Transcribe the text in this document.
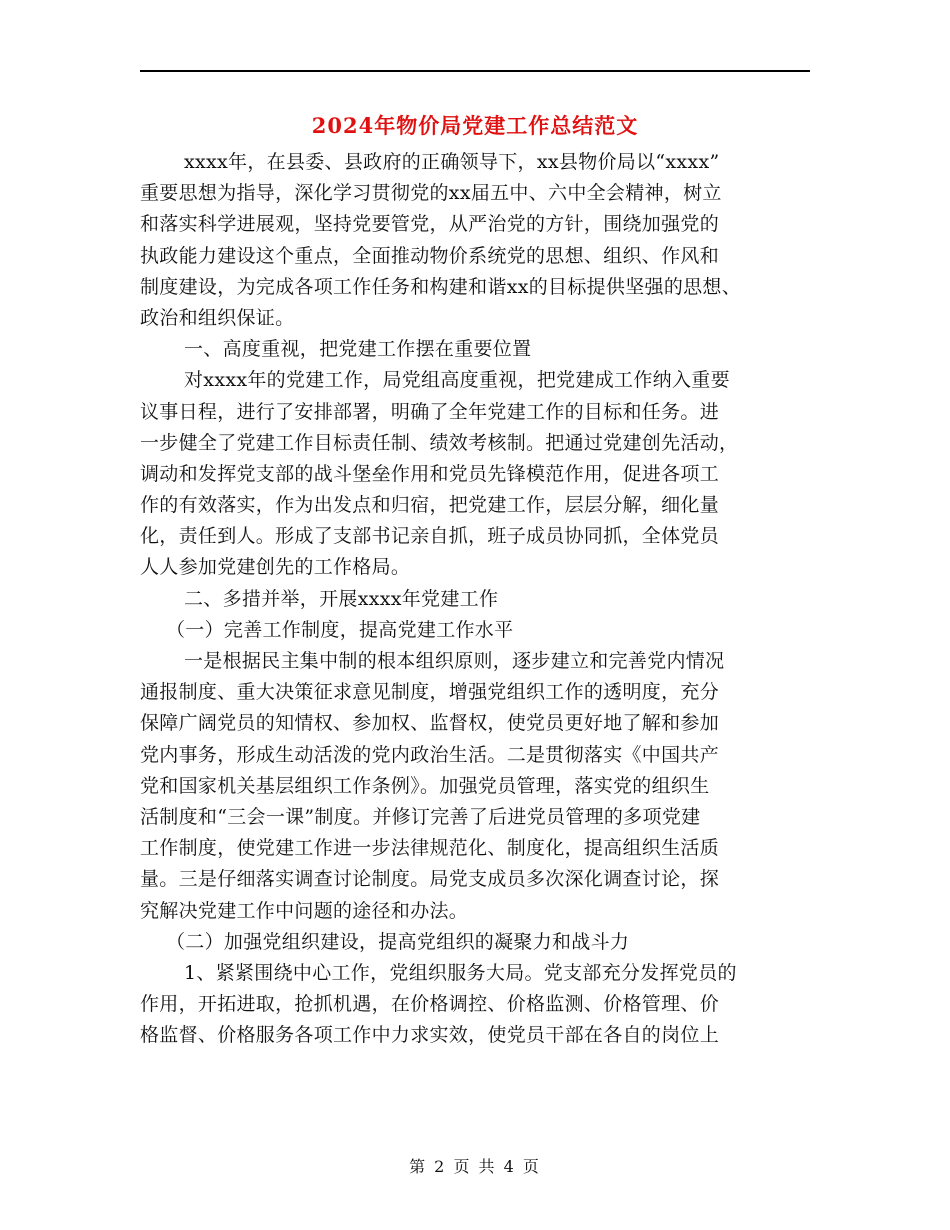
2024年物价局党建工作总结范文
xxxx年，在县委、县政府的正确领导下，xx县物价局以“xxxx”
重要思想为指导，深化学习贯彻党的xx届五中、六中全会精神，树立
和落实科学进展观，坚持党要管党，从严治党的方针，围绕加强党的
执政能力建设这个重点，全面推动物价系统党的思想、组织、作风和
制度建设，为完成各项工作任务和构建和谐xx的目标提供坚强的思想、
政治和组织保证。
一、高度重视，把党建工作摆在重要位置
对xxxx年的党建工作，局党组高度重视，把党建成工作纳入重要
议事日程，进行了安排部署，明确了全年党建工作的目标和任务。进
一步健全了党建工作目标责任制、绩效考核制。把通过党建创先活动，
调动和发挥党支部的战斗堡垒作用和党员先锋模范作用，促进各项工
作的有效落实，作为出发点和归宿，把党建工作，层层分解，细化量
化，责任到人。形成了支部书记亲自抓，班子成员协同抓，全体党员
人人参加党建创先的工作格局。
二、多措并举，开展xxxx年党建工作
（一）完善工作制度，提高党建工作水平
一是根据民主集中制的根本组织原则，逐步建立和完善党内情况
通报制度、重大决策征求意见制度，增强党组织工作的透明度，充分
保障广阔党员的知情权、参加权、监督权，使党员更好地了解和参加
党内事务，形成生动活泼的党内政治生活。二是贯彻落实《中国共产
党和国家机关基层组织工作条例》。加强党员管理，落实党的组织生
活制度和“三会一课”制度。并修订完善了后进党员管理的多项党建
工作制度，使党建工作进一步法律规范化、制度化，提高组织生活质
量。三是仔细落实调查讨论制度。局党支成员多次深化调查讨论，探
究解决党建工作中问题的途径和办法。
（二）加强党组织建设，提高党组织的凝聚力和战斗力
1、紧紧围绕中心工作，党组织服务大局。党支部充分发挥党员的
作用，开拓进取，抢抓机遇，在价格调控、价格监测、价格管理、价
格监督、价格服务各项工作中力求实效，使党员干部在各自的岗位上
第 2 页 共 4 页
